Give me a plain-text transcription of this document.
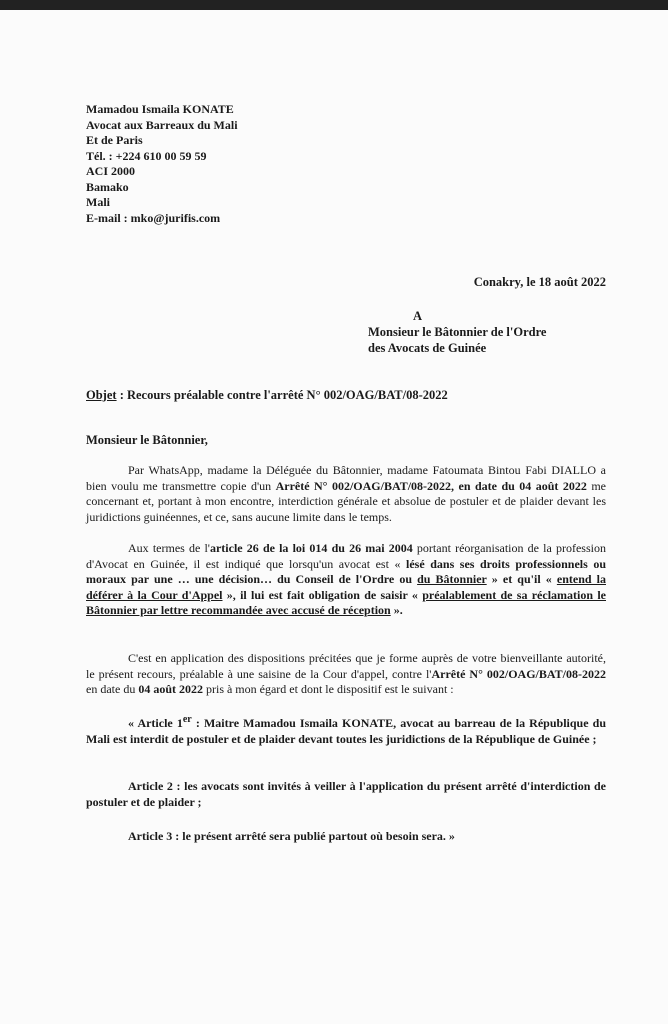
Mamadou Ismaila KONATE
Avocat aux Barreaux du Mali
Et de Paris
Tél. : +224 610 00 59 59
ACI 2000
Bamako
Mali
E-mail : mko@jurifis.com
Conakry, le 18 août 2022
A
Monsieur le Bâtonnier de l'Ordre
des Avocats de Guinée
Objet : Recours préalable contre l'arrêté N° 002/OAG/BAT/08-2022
Monsieur le Bâtonnier,
Par WhatsApp, madame la Déléguée du Bâtonnier, madame Fatoumata Bintou Fabi DIALLO a bien voulu me transmettre copie d'un Arrêté N° 002/OAG/BAT/08-2022, en date du 04 août 2022 me concernant et, portant à mon encontre, interdiction générale et absolue de postuler et de plaider devant les juridictions guinéennes, et ce, sans aucune limite dans le temps.
Aux termes de l'article 26 de la loi 014 du 26 mai 2004 portant réorganisation de la profession d'Avocat en Guinée, il est indiqué que lorsqu'un avocat est « lésé dans ses droits professionnels ou moraux par une … une décision… du Conseil de l'Ordre ou du Bâtonnier » et qu'il « entend la déférer à la Cour d'Appel », il lui est fait obligation de saisir « préalablement de sa réclamation le Bâtonnier par lettre recommandée avec accusé de réception ».
C'est en application des dispositions précitées que je forme auprès de votre bienveillante autorité, le présent recours, préalable à une saisine de la Cour d'appel, contre l'Arrêté N° 002/OAG/BAT/08-2022 en date du 04 août 2022 pris à mon égard et dont le dispositif est le suivant :
« Article 1er : Maitre Mamadou Ismaila KONATE, avocat au barreau de la République du Mali est interdit de postuler et de plaider devant toutes les juridictions de la République de Guinée ;
Article 2 : les avocats sont invités à veiller à l'application du présent arrêté d'interdiction de postuler et de plaider ;
Article 3 : le présent arrêté sera publié partout où besoin sera. »
